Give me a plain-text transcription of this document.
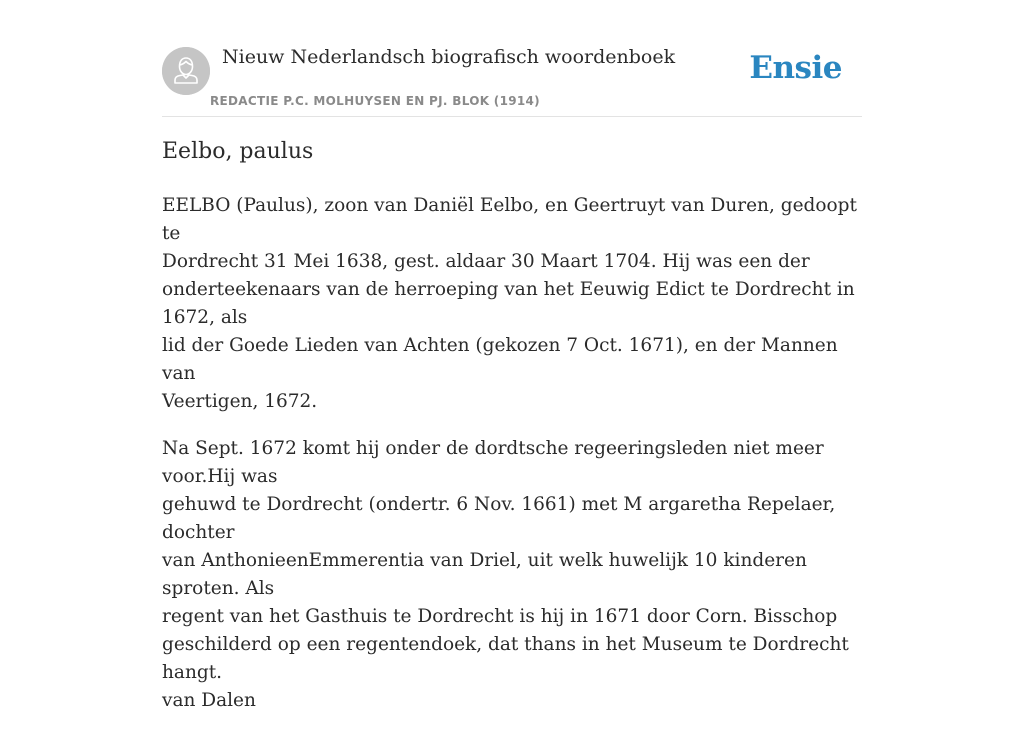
Nieuw Nederlandsch biografisch woordenboek
REDACTIE P.C. MOLHUYSEN EN PJ. BLOK (1914)
Ensie
Eelbo, paulus

EELBO (Paulus), zoon van Daniël Eelbo, en Geertruyt van Duren, gedoopt te
Dordrecht 31 Mei 1638, gest. aldaar 30 Maart 1704. Hij was een der
onderteekenaars van de herroeping van het Eeuwig Edict te Dordrecht in 1672, als
lid der Goede Lieden van Achten (gekozen 7 Oct. 1671), en der Mannen van
Veertigen, 1672.

Na Sept. 1672 komt hij onder de dordtsche regeeringsleden niet meer voor.Hij was
gehuwd te Dordrecht (ondertr. 6 Nov. 1661) met M argaretha Repelaer, dochter
van AnthonieenEmmerentia van Driel, uit welk huwelijk 10 kinderen sproten. Als
regent van het Gasthuis te Dordrecht is hij in 1671 door Corn. Bisschop
geschilderd op een regentendoek, dat thans in het Museum te Dordrecht hangt.
van Dalen
